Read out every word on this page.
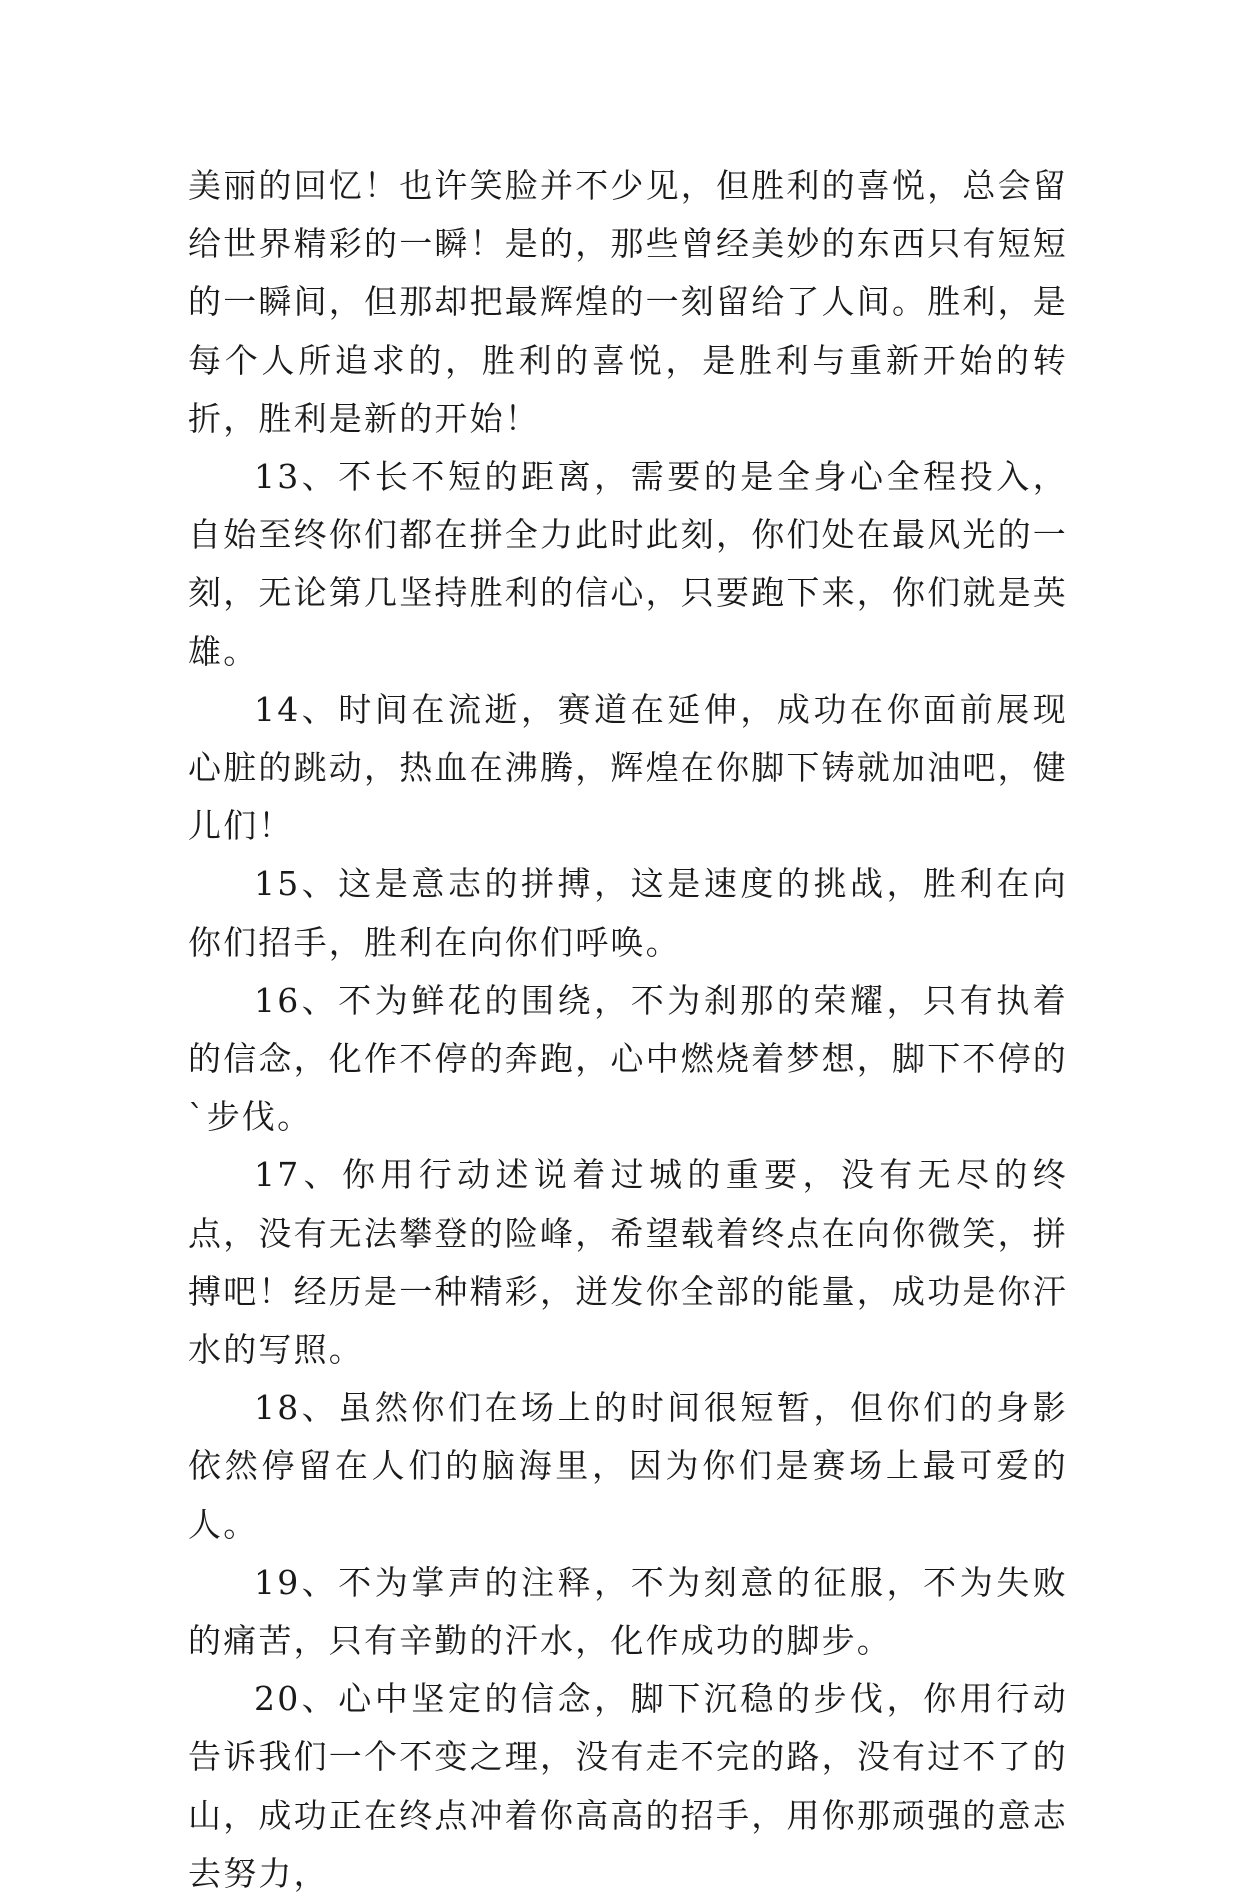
美丽的回忆！也许笑脸并不少见，但胜利的喜悦，总会留给世界精彩的一瞬！是的，那些曾经美妙的东西只有短短的一瞬间，但那却把最辉煌的一刻留给了人间。胜利，是每个人所追求的，胜利的喜悦，是胜利与重新开始的转折，胜利是新的开始！

13、不长不短的距离，需要的是全身心全程投入，自始至终你们都在拼全力此时此刻，你们处在最风光的一刻，无论第几坚持胜利的信心，只要跑下来，你们就是英雄。

14、时间在流逝，赛道在延伸，成功在你面前展现心脏的跳动，热血在沸腾，辉煌在你脚下铸就加油吧，健儿们！

15、这是意志的拼搏，这是速度的挑战，胜利在向你们招手，胜利在向你们呼唤。

16、不为鲜花的围绕，不为刹那的荣耀，只有执着的信念，化作不停的奔跑，心中燃烧着梦想，脚下不停的`步伐。

17、你用行动述说着过城的重要，没有无尽的终点，没有无法攀登的险峰，希望载着终点在向你微笑，拼搏吧！经历是一种精彩，迸发你全部的能量，成功是你汗水的写照。

18、虽然你们在场上的时间很短暂，但你们的身影依然停留在人们的脑海里，因为你们是赛场上最可爱的人。

19、不为掌声的注释，不为刻意的征服，不为失败的痛苦，只有辛勤的汗水，化作成功的脚步。

20、心中坚定的信念，脚下沉稳的步伐，你用行动告诉我们一个不变之理，没有走不完的路，没有过不了的山，成功正在终点冲着你高高的招手，用你那顽强的意志去努力，
